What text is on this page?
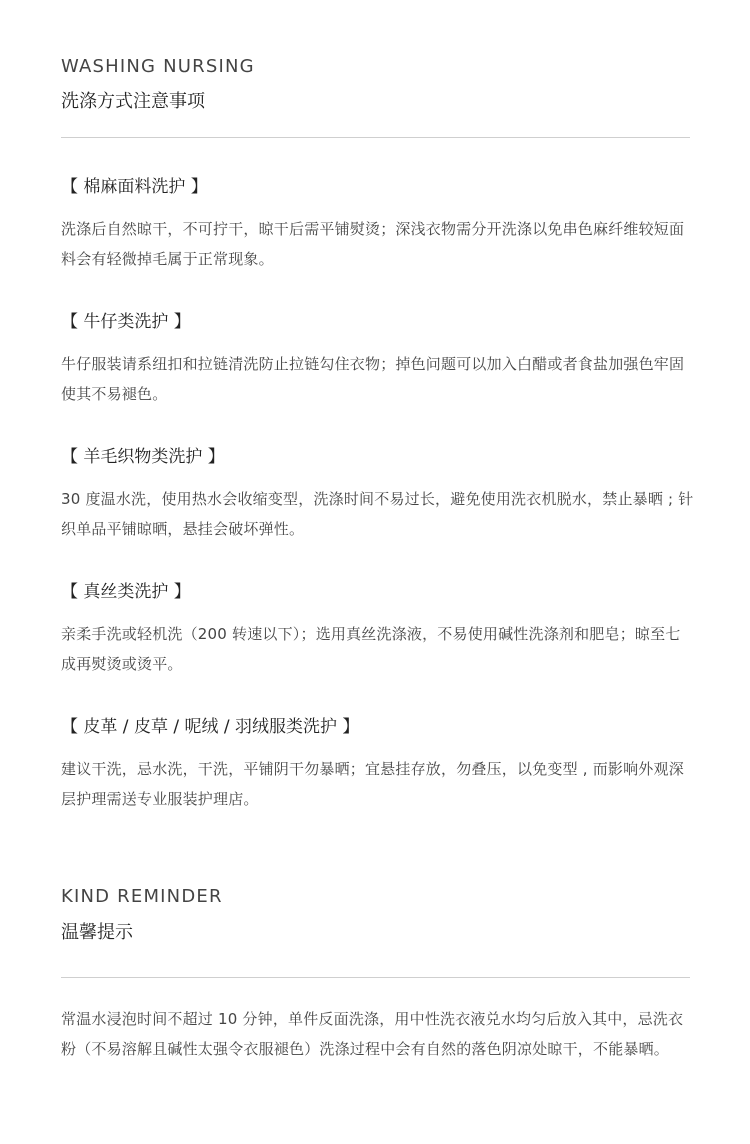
WASHING NURSING

洗涤方式注意事项

【 棉麻面料洗护 】

洗涤后自然晾干，不可拧干，晾干后需平铺熨烫；深浅衣物需分开洗涤以免串色麻纤维较短面料会有轻微掉毛属于正常现象。

【 牛仔类洗护 】

牛仔服装请系纽扣和拉链清洗防止拉链勾住衣物；掉色问题可以加入白醋或者食盐加强色牢固使其不易褪色。

【 羊毛织物类洗护 】

30 度温水洗，使用热水会收缩变型，洗涤时间不易过长，避免使用洗衣机脱水，禁止暴晒 ; 针织单品平铺晾晒，悬挂会破坏弹性。

【 真丝类洗护 】

亲柔手洗或轻机洗（200 转速以下）；选用真丝洗涤液，不易使用碱性洗涤剂和肥皂；晾至七成再熨烫或烫平。

【 皮革 / 皮草 / 呢绒 / 羽绒服类洗护 】

建议干洗，忌水洗，干洗，平铺阴干勿暴晒；宜悬挂存放，勿叠压，以免变型 , 而影响外观深层护理需送专业服装护理店。

KIND REMINDER

温馨提示

常温水浸泡时间不超过 10 分钟，单件反面洗涤，用中性洗衣液兑水均匀后放入其中，忌洗衣粉（不易溶解且碱性太强令衣服褪色）洗涤过程中会有自然的落色阴凉处晾干，不能暴晒。
